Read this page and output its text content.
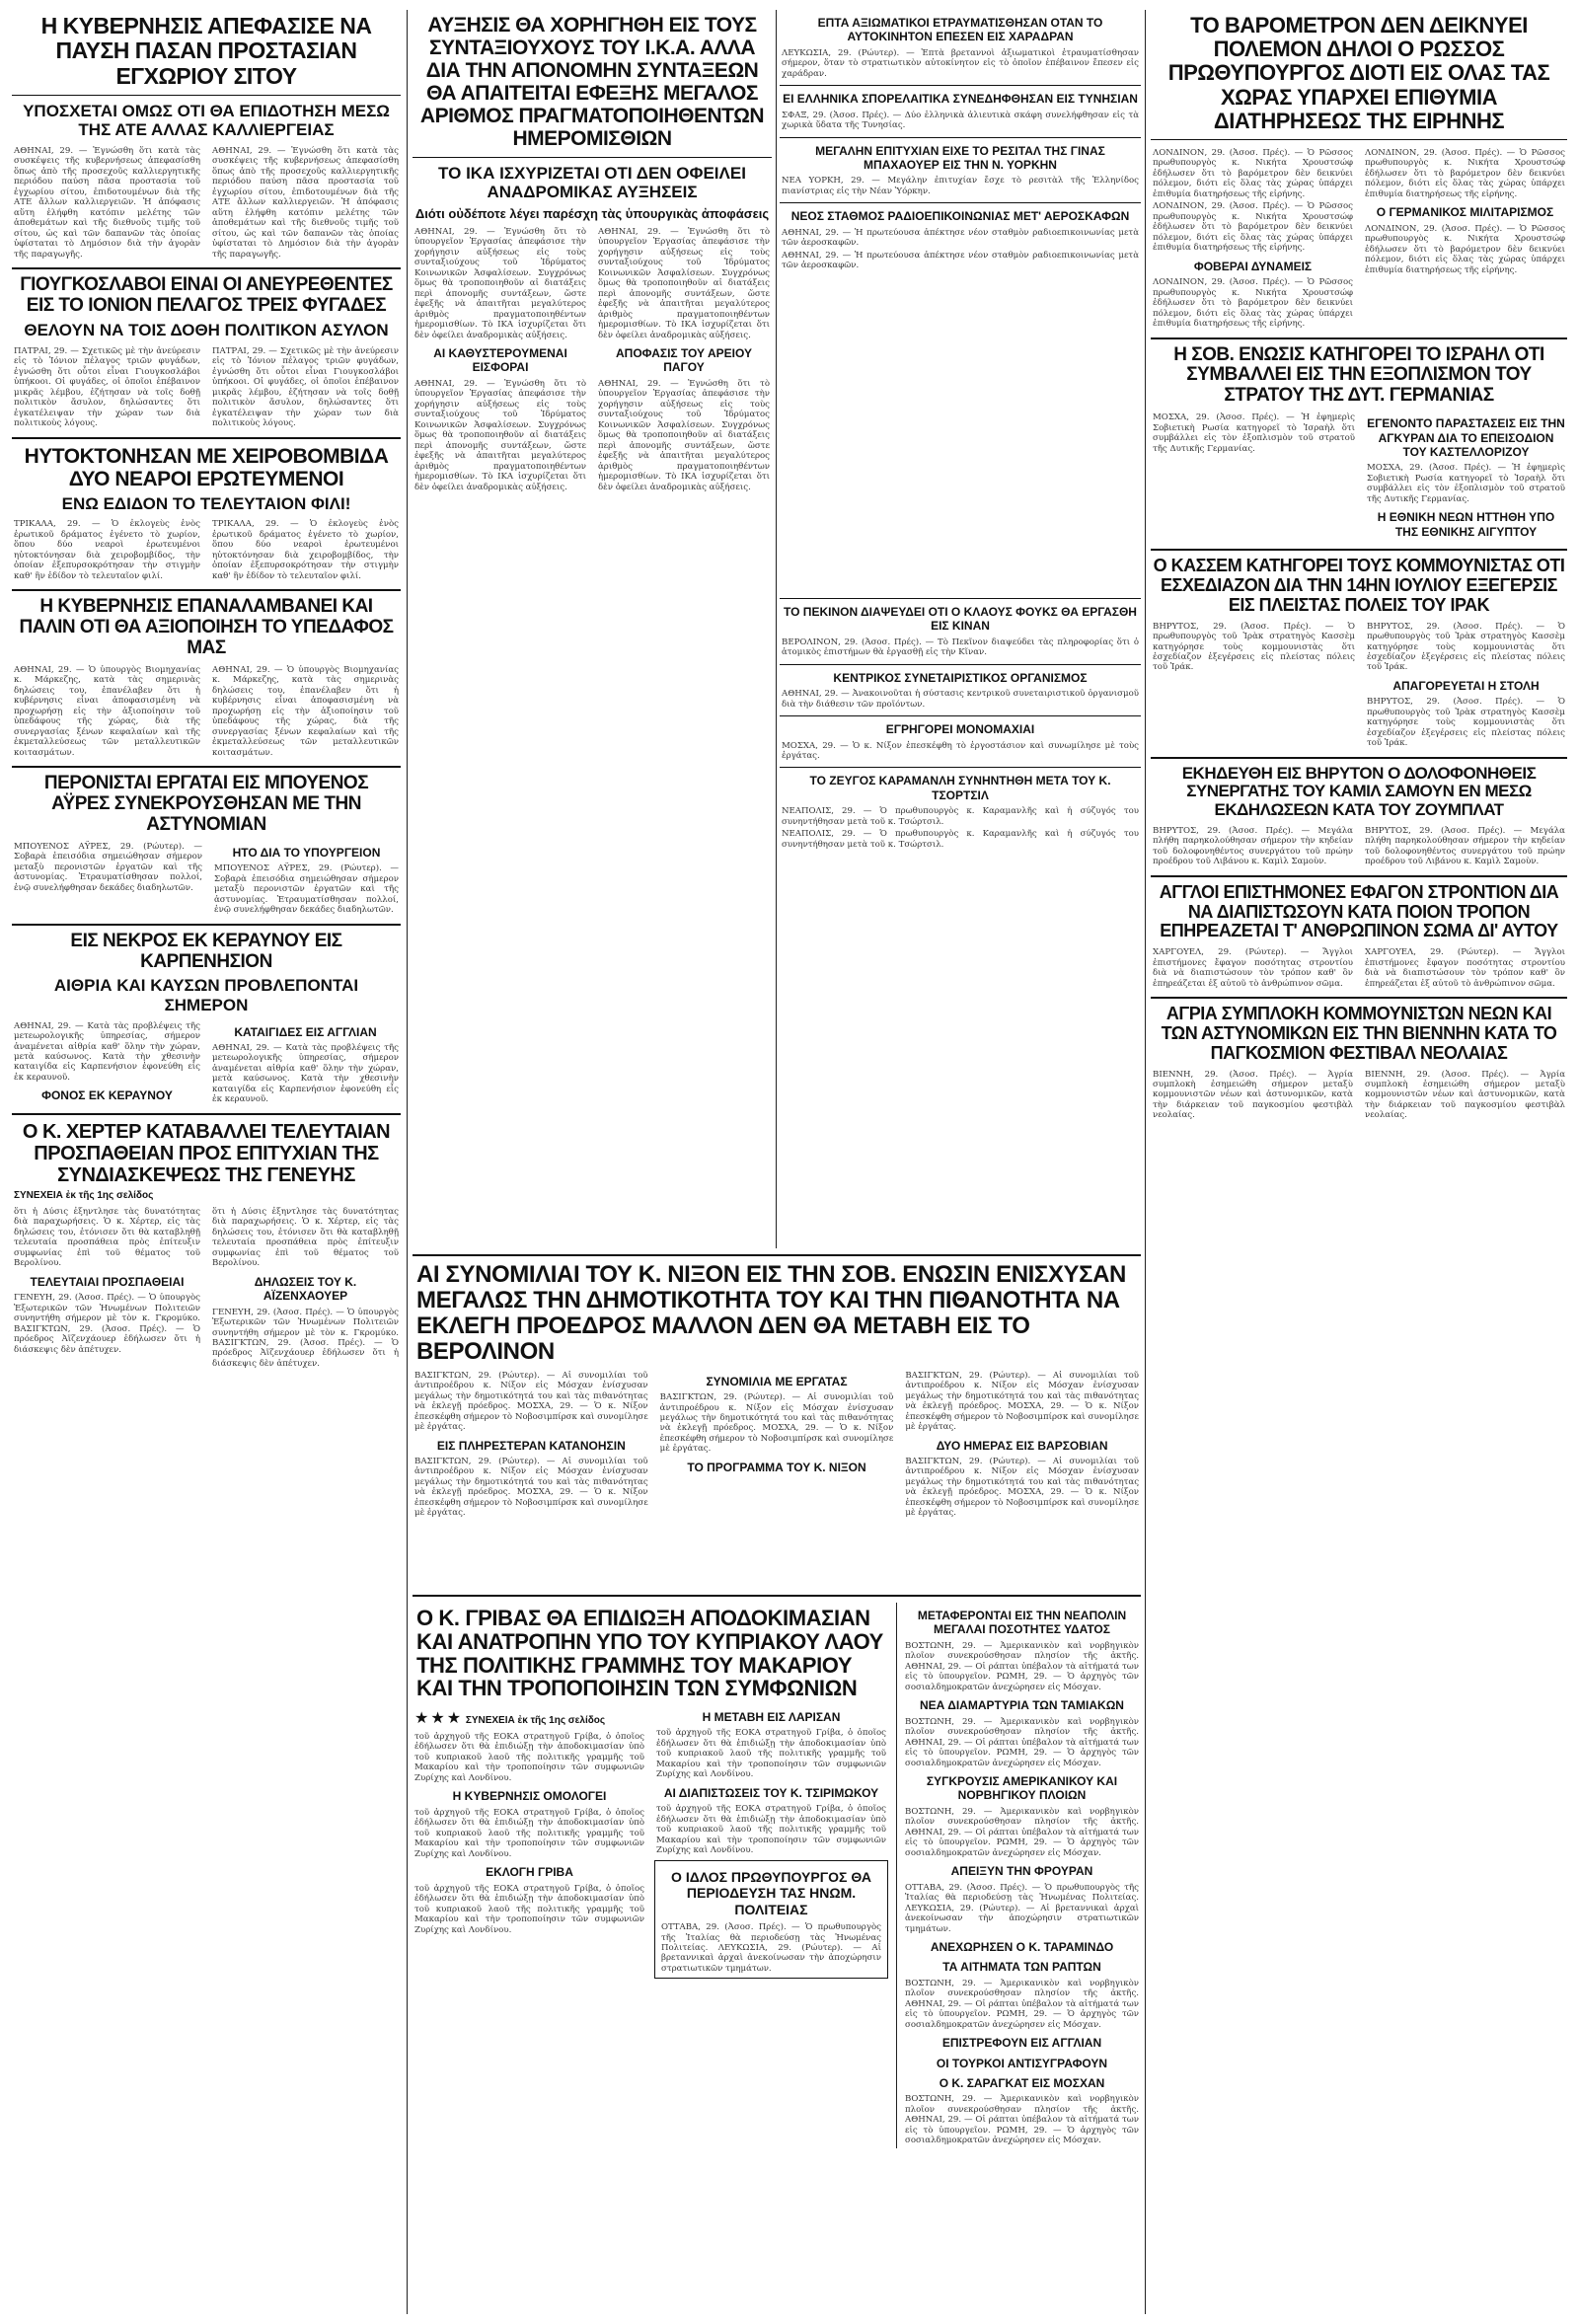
Η ΚΥΒΕΡΝΗΣΙΣ ΑΠΕΦΑΣΙΣΕ ΝΑ ΠΑΥΣΗ ΠΑΣΑΝ ΠΡΟΣΤΑΣΙΑΝ ΕΓΧΩΡΙΟΥ ΣΙΤΟΥ
ΥΠΟΣΧΕΤΑΙ ΟΜΩΣ ΟΤΙ ΘΑ ΕΠΙΔΟΤΗΣΗ ΜΕΣΩ ΤΗΣ ΑΤΕ ΑΛΛΑΣ ΚΑΛΛΙΕΡΓΕΙΑΣ
ΑΘΗΝΑΙ, 29. — Ἐγνώσθη ὅτι κατὰ τὰς συσκέψεις τῆς κυβερνήσεως ἀπεφασίσθη ὅπως ἀπὸ τῆς προσεχοῦς καλλιεργητικῆς περιόδου παύση πᾶσα προστασία τοῦ ἐγχωρίου σίτου, ἐπιδοτουμένων διὰ τῆς ΑΤΕ ἄλλων καλλιεργειῶν. Ἡ ἀπόφασις αὕτη ἐλήφθη κατόπιν μελέτης τῶν ἀποθεμάτων καὶ τῆς διεθνοῦς τιμῆς τοῦ σίτου, ὡς καὶ τῶν δαπανῶν τὰς ὁποίας ὑφίσταται τὸ Δημόσιον διὰ τὴν ἀγορὰν τῆς παραγωγῆς.
ΑΘΗΝΑΙ, 29. — Ἐγνώσθη ὅτι κατὰ τὰς συσκέψεις τῆς κυβερνήσεως ἀπεφασίσθη ὅπως ἀπὸ τῆς προσεχοῦς καλλιεργητικῆς περιόδου παύση πᾶσα προστασία τοῦ ἐγχωρίου σίτου, ἐπιδοτουμένων διὰ τῆς ΑΤΕ ἄλλων καλλιεργειῶν. Ἡ ἀπόφασις αὕτη ἐλήφθη κατόπιν μελέτης τῶν ἀποθεμάτων καὶ τῆς διεθνοῦς τιμῆς τοῦ σίτου, ὡς καὶ τῶν δαπανῶν τὰς ὁποίας ὑφίσταται τὸ Δημόσιον διὰ τὴν ἀγορὰν τῆς παραγωγῆς.
ΓΙΟΥΓΚΟΣΛΑΒΟΙ ΕΙΝΑΙ ΟΙ ΑΝΕΥΡΕΘΕΝΤΕΣ ΕΙΣ ΤΟ ΙΟΝΙΟΝ ΠΕΛΑΓΟΣ ΤΡΕΙΣ ΦΥΓΑΔΕΣ
ΘΕΛΟΥΝ ΝΑ ΤΟΙΣ ΔΟΘΗ ΠΟΛΙΤΙΚΟΝ ΑΣΥΛΟΝ
ΠΑΤΡΑΙ, 29. — Σχετικῶς μὲ τὴν ἀνεύρεσιν εἰς τὸ Ἰόνιον πέλαγος τριῶν φυγάδων, ἐγνώσθη ὅτι οὗτοι εἶναι Γιουγκοσλάβοι ὑπήκοοι. Οἱ φυγάδες, οἱ ὁποῖοι ἐπέβαινον μικρᾶς λέμβου, ἐζήτησαν νὰ τοῖς δοθῇ πολιτικὸν ἄσυλον, δηλώσαντες ὅτι ἐγκατέλειψαν τὴν χώραν των διὰ πολιτικοὺς λόγους.
ΠΑΤΡΑΙ, 29. — Σχετικῶς μὲ τὴν ἀνεύρεσιν εἰς τὸ Ἰόνιον πέλαγος τριῶν φυγάδων, ἐγνώσθη ὅτι οὗτοι εἶναι Γιουγκοσλάβοι ὑπήκοοι. Οἱ φυγάδες, οἱ ὁποῖοι ἐπέβαινον μικρᾶς λέμβου, ἐζήτησαν νὰ τοῖς δοθῇ πολιτικὸν ἄσυλον, δηλώσαντες ὅτι ἐγκατέλειψαν τὴν χώραν των διὰ πολιτικοὺς λόγους.
ΗΥΤΟΚΤΟΝΗΣΑΝ ΜΕ ΧΕΙΡΟΒΟΜΒΙΔΑ ΔΥΟ ΝΕΑΡΟΙ ΕΡΩΤΕΥΜΕΝΟΙ
ΕΝΩ ΕΔΙΔΟΝ ΤΟ ΤΕΛΕΥΤΑΙΟΝ ΦΙΛΙ!
ΤΡΙΚΑΛΑ, 29. — Ὁ ἐκλογεὺς ἑνὸς ἐρωτικοῦ δράματος ἐγένετο τὸ χωρίον, ὅπου δύο νεαροὶ ἐρωτευμένοι ηὐτοκτόνησαν διὰ χειροβομβίδος, τὴν ὁποίαν ἐξεπυρσοκρότησαν τὴν στιγμὴν καθ' ἣν ἐδίδον τὸ τελευταῖον φιλί.
ΤΡΙΚΑΛΑ, 29. — Ὁ ἐκλογεὺς ἑνὸς ἐρωτικοῦ δράματος ἐγένετο τὸ χωρίον, ὅπου δύο νεαροὶ ἐρωτευμένοι ηὐτοκτόνησαν διὰ χειροβομβίδος, τὴν ὁποίαν ἐξεπυρσοκρότησαν τὴν στιγμὴν καθ' ἣν ἐδίδον τὸ τελευταῖον φιλί.
Η ΚΥΒΕΡΝΗΣΙΣ ΕΠΑΝΑΛΑΜΒΑΝΕΙ ΚΑΙ ΠΑΛΙΝ ΟΤΙ ΘΑ ΑΞΙΟΠΟΙΗΣΗ ΤΟ ΥΠΕΔΑΦΟΣ ΜΑΣ
ΑΘΗΝΑΙ, 29. — Ὁ ὑπουργὸς Βιομηχανίας κ. Μάρκεζης, κατὰ τὰς σημερινὰς δηλώσεις του, ἐπανέλαβεν ὅτι ἡ κυβέρνησις εἶναι ἀποφασισμένη νὰ προχωρήσῃ εἰς τὴν ἀξιοποίησιν τοῦ ὑπεδάφους τῆς χώρας, διὰ τῆς συνεργασίας ξένων κεφαλαίων καὶ τῆς ἐκμεταλλεύσεως τῶν μεταλλευτικῶν κοιτασμάτων.
ΑΘΗΝΑΙ, 29. — Ὁ ὑπουργὸς Βιομηχανίας κ. Μάρκεζης, κατὰ τὰς σημερινὰς δηλώσεις του, ἐπανέλαβεν ὅτι ἡ κυβέρνησις εἶναι ἀποφασισμένη νὰ προχωρήσῃ εἰς τὴν ἀξιοποίησιν τοῦ ὑπεδάφους τῆς χώρας, διὰ τῆς συνεργασίας ξένων κεφαλαίων καὶ τῆς ἐκμεταλλεύσεως τῶν μεταλλευτικῶν κοιτασμάτων.
ΠΕΡΟΝΙΣΤΑΙ ΕΡΓΑΤΑΙ ΕΙΣ ΜΠΟΥΕΝΟΣ ΑΫΡΕΣ ΣΥΝΕΚΡΟΥΣΘΗΣΑΝ ΜΕ ΤΗΝ ΑΣΤΥΝΟΜΙΑΝ
ΜΠΟΥΕΝΟΣ ΑΫΡΕΣ, 29. (Ρώυτερ). — Σοβαρὰ ἐπεισόδια σημειώθησαν σήμερον μεταξὺ περονιστῶν ἐργατῶν καὶ τῆς ἀστυνομίας. Ἐτραυματίσθησαν πολλοί, ἐνῷ συνελήφθησαν δεκάδες διαδηλωτῶν.
ΗΤΟ ΔΙΑ ΤΟ ΥΠΟΥΡΓΕΙΟΝ
ΜΠΟΥΕΝΟΣ ΑΫΡΕΣ, 29. (Ρώυτερ). — Σοβαρὰ ἐπεισόδια σημειώθησαν σήμερον μεταξὺ περονιστῶν ἐργατῶν καὶ τῆς ἀστυνομίας. Ἐτραυματίσθησαν πολλοί, ἐνῷ συνελήφθησαν δεκάδες διαδηλωτῶν.
ΕΙΣ ΝΕΚΡΟΣ ΕΚ ΚΕΡΑΥΝΟΥ ΕΙΣ ΚΑΡΠΕΝΗΣΙΟΝ
ΑΙΘΡΙΑ ΚΑΙ ΚΑΥΣΩΝ ΠΡΟΒΛΕΠΟΝΤΑΙ ΣΗΜΕΡΟΝ
ΑΘΗΝΑΙ, 29. — Κατὰ τὰς προβλέψεις τῆς μετεωρολογικῆς ὑπηρεσίας, σήμερον ἀναμένεται αἰθρία καθ' ὅλην τὴν χώραν, μετὰ καύσωνος. Κατὰ τὴν χθεσινὴν καταιγίδα εἰς Καρπενήσιον ἐφονεύθη εἷς ἐκ κεραυνοῦ.
ΦΟΝΟΣ ΕΚ ΚΕΡΑΥΝΟΥ
ΚΑΤΑΙΓΙΔΕΣ ΕΙΣ ΑΓΓΛΙΑΝ
ΑΘΗΝΑΙ, 29. — Κατὰ τὰς προβλέψεις τῆς μετεωρολογικῆς ὑπηρεσίας, σήμερον ἀναμένεται αἰθρία καθ' ὅλην τὴν χώραν, μετὰ καύσωνος. Κατὰ τὴν χθεσινὴν καταιγίδα εἰς Καρπενήσιον ἐφονεύθη εἷς ἐκ κεραυνοῦ.
Ο Κ. ΧΕΡΤΕΡ ΚΑΤΑΒΑΛΛΕΙ ΤΕΛΕΥΤΑΙΑΝ ΠΡΟΣΠΑΘΕΙΑΝ ΠΡΟΣ ΕΠΙΤΥΧΙΑΝ ΤΗΣ ΣΥΝΔΙΑΣΚΕΨΕΩΣ ΤΗΣ ΓΕΝΕΥΗΣ
ΣΥΝΕΧΕΙΑ ἐκ τῆς 1ης σελίδος
ὅτι ἡ Δύσις ἐξηντλησε τὰς δυνατότητας διὰ παραχωρήσεις. Ὁ κ. Χέρτερ, εἰς τὰς δηλώσεις του, ἐτόνισεν ὅτι θὰ καταβληθῇ τελευταία προσπάθεια πρὸς ἐπίτευξιν συμφωνίας ἐπὶ τοῦ θέματος τοῦ Βερολίνου.
ΤΕΛΕΥΤΑΙΑΙ ΠΡΟΣΠΑΘΕΙΑΙ
ΓΕΝΕΥΗ, 29. (Ἀσοσ. Πρές). — Ὁ ὑπουργὸς Ἐξωτερικῶν τῶν Ἡνωμένων Πολιτειῶν συνηντήθη σήμερον μὲ τὸν κ. Γκρομύκο. ΒΑΣΙΓΚΤΩΝ, 29. (Ἀσοσ. Πρές). — Ὁ πρόεδρος Ἀϊζενχάουερ ἐδήλωσεν ὅτι ἡ διάσκεψις δὲν ἀπέτυχεν.
ὅτι ἡ Δύσις ἐξηντλησε τὰς δυνατότητας διὰ παραχωρήσεις. Ὁ κ. Χέρτερ, εἰς τὰς δηλώσεις του, ἐτόνισεν ὅτι θὰ καταβληθῇ τελευταία προσπάθεια πρὸς ἐπίτευξιν συμφωνίας ἐπὶ τοῦ θέματος τοῦ Βερολίνου.
ΔΗΛΩΣΕΙΣ ΤΟΥ Κ. ΑΪΖΕΝΧΑΟΥΕΡ
ΓΕΝΕΥΗ, 29. (Ἀσοσ. Πρές). — Ὁ ὑπουργὸς Ἐξωτερικῶν τῶν Ἡνωμένων Πολιτειῶν συνηντήθη σήμερον μὲ τὸν κ. Γκρομύκο. ΒΑΣΙΓΚΤΩΝ, 29. (Ἀσοσ. Πρές). — Ὁ πρόεδρος Ἀϊζενχάουερ ἐδήλωσεν ὅτι ἡ διάσκεψις δὲν ἀπέτυχεν.
ΑΥΞΗΣΙΣ ΘΑ ΧΟΡΗΓΗΘΗ ΕΙΣ ΤΟΥΣ ΣΥΝΤΑΞΙΟΥΧΟΥΣ ΤΟΥ Ι.Κ.Α. ΑΛΛΑ ΔΙΑ ΤΗΝ ΑΠΟΝΟΜΗΝ ΣΥΝΤΑΞΕΩΝ ΘΑ ΑΠΑΙΤΕΙΤΑΙ ΕΦΕΞΗΣ ΜΕΓΑΛΟΣ ΑΡΙΘΜΟΣ ΠΡΑΓΜΑΤΟΠΟΙΗΘΕΝΤΩΝ ΗΜΕΡΟΜΙΣΘΙΩΝ
ΤΟ ΙΚΑ ΙΣΧΥΡΙΖΕΤΑΙ ΟΤΙ ΔΕΝ ΟΦΕΙΛΕΙ ΑΝΑΔΡΟΜΙΚΑΣ ΑΥΞΗΣΕΙΣ
Διότι οὐδέποτε λέγει παρέσχη τὰς ὑπουργικὰς ἀποφάσεις
ΑΘΗΝΑΙ, 29. — Ἐγνώσθη ὅτι τὸ ὑπουργεῖον Ἐργασίας ἀπεφάσισε τὴν χορήγησιν αὐξήσεως εἰς τοὺς συνταξιούχους τοῦ Ἱδρύματος Κοινωνικῶν Ἀσφαλίσεων. Συγχρόνως ὅμως θὰ τροποποιηθοῦν αἱ διατάξεις περὶ ἀπονομῆς συντάξεων, ὥστε ἐφεξῆς νὰ ἀπαιτῆται μεγαλύτερος ἀριθμὸς πραγματοποιηθέντων ἡμερομισθίων. Τὸ ΙΚΑ ἰσχυρίζεται ὅτι δὲν ὀφείλει ἀναδρομικὰς αὐξήσεις.
ΑΙ ΚΑΘΥΣΤΕΡΟΥΜΕΝΑΙ ΕΙΣΦΟΡΑΙ
ΑΘΗΝΑΙ, 29. — Ἐγνώσθη ὅτι τὸ ὑπουργεῖον Ἐργασίας ἀπεφάσισε τὴν χορήγησιν αὐξήσεως εἰς τοὺς συνταξιούχους τοῦ Ἱδρύματος Κοινωνικῶν Ἀσφαλίσεων. Συγχρόνως ὅμως θὰ τροποποιηθοῦν αἱ διατάξεις περὶ ἀπονομῆς συντάξεων, ὥστε ἐφεξῆς νὰ ἀπαιτῆται μεγαλύτερος ἀριθμὸς πραγματοποιηθέντων ἡμερομισθίων. Τὸ ΙΚΑ ἰσχυρίζεται ὅτι δὲν ὀφείλει ἀναδρομικὰς αὐξήσεις.
ΑΘΗΝΑΙ, 29. — Ἐγνώσθη ὅτι τὸ ὑπουργεῖον Ἐργασίας ἀπεφάσισε τὴν χορήγησιν αὐξήσεως εἰς τοὺς συνταξιούχους τοῦ Ἱδρύματος Κοινωνικῶν Ἀσφαλίσεων. Συγχρόνως ὅμως θὰ τροποποιηθοῦν αἱ διατάξεις περὶ ἀπονομῆς συντάξεων, ὥστε ἐφεξῆς νὰ ἀπαιτῆται μεγαλύτερος ἀριθμὸς πραγματοποιηθέντων ἡμερομισθίων. Τὸ ΙΚΑ ἰσχυρίζεται ὅτι δὲν ὀφείλει ἀναδρομικὰς αὐξήσεις.
ΑΠΟΦΑΣΙΣ ΤΟΥ ΑΡΕΙΟΥ ΠΑΓΟΥ
ΑΘΗΝΑΙ, 29. — Ἐγνώσθη ὅτι τὸ ὑπουργεῖον Ἐργασίας ἀπεφάσισε τὴν χορήγησιν αὐξήσεως εἰς τοὺς συνταξιούχους τοῦ Ἱδρύματος Κοινωνικῶν Ἀσφαλίσεων. Συγχρόνως ὅμως θὰ τροποποιηθοῦν αἱ διατάξεις περὶ ἀπονομῆς συντάξεων, ὥστε ἐφεξῆς νὰ ἀπαιτῆται μεγαλύτερος ἀριθμὸς πραγματοποιηθέντων ἡμερομισθίων. Τὸ ΙΚΑ ἰσχυρίζεται ὅτι δὲν ὀφείλει ἀναδρομικὰς αὐξήσεις.
ΕΠΤΑ ΑΞΙΩΜΑΤΙΚΟΙ ΕΤΡΑΥΜΑΤΙΣΘΗΣΑΝ ΟΤΑΝ ΤΟ ΑΥΤΟΚΙΝΗΤΟΝ ΕΠΕΣΕΝ ΕΙΣ ΧΑΡΑΔΡΑΝ
ΛΕΥΚΩΣΙΑ, 29. (Ρώυτερ). — Ἑπτὰ βρεταννοὶ ἀξιωματικοὶ ἐτραυματίσθησαν σήμερον, ὅταν τὸ στρατιωτικὸν αὐτοκίνητον εἰς τὸ ὁποῖον ἐπέβαινον ἔπεσεν εἰς χαράδραν.
ΕΙ ΕΛΛΗΝΙΚΑ ΣΠΟΡΕΛΑΙΤΙΚΑ ΣΥΝΕΔΗΦΘΗΣΑΝ ΕΙΣ ΤΥΝΗΣΙΑΝ
ΣΦΑΞ, 29. (Ἀσοσ. Πρές). — Δύο ἑλληνικὰ ἁλιευτικὰ σκάφη συνελήφθησαν εἰς τὰ χωρικὰ ὕδατα τῆς Τυνησίας.
ΜΕΓΑΛΗΝ ΕΠΙΤΥΧΙΑΝ ΕΙΧΕ ΤΟ ΡΕΣΙΤΑΛ ΤΗΣ ΓΙΝΑΣ ΜΠΑΧΑΟΥΕΡ ΕΙΣ ΤΗΝ Ν. ΥΟΡΚΗΝ
ΝΕΑ ΥΟΡΚΗ, 29. — Μεγάλην ἐπιτυχίαν ἔσχε τὸ ρεσιτὰλ τῆς Ἑλληνίδος πιανίστριας εἰς τὴν Νέαν Ὑόρκην.
ΝΕΟΣ ΣΤΑΘΜΟΣ ΡΑΔΙΟΕΠΙΚΟΙΝΩΝΙΑΣ ΜΕΤ' ΑΕΡΟΣΚΑΦΩΝ
ΑΘΗΝΑΙ, 29. — Ἡ πρωτεύουσα ἀπέκτησε νέον σταθμὸν ραδιοεπικοινωνίας μετὰ τῶν ἀεροσκαφῶν.
ΑΘΗΝΑΙ, 29. — Ἡ πρωτεύουσα ἀπέκτησε νέον σταθμὸν ραδιοεπικοινωνίας μετὰ τῶν ἀεροσκαφῶν.
ΑΙ ΣΥΝΟΜΙΛΙΑΙ ΤΟΥ Κ. ΝΙΞΟΝ ΕΙΣ ΤΗΝ ΣΟΒ. ΕΝΩΣΙΝ ΕΝΙΣΧΥΣΑΝ ΜΕΓΑΛΩΣ ΤΗΝ ΔΗΜΟΤΙΚΟΤΗΤΑ ΤΟΥ ΚΑΙ ΤΗΝ ΠΙΘΑΝΟΤΗΤΑ ΝΑ ΕΚΛΕΓΗ ΠΡΟΕΔΡΟΣ ΜΑΛΛΟΝ ΔΕΝ ΘΑ ΜΕΤΑΒΗ ΕΙΣ ΤΟ ΒΕΡΟΛΙΝΟΝ
ΒΑΣΙΓΚΤΩΝ, 29. (Ρώυτερ). — Αἱ συνομιλίαι τοῦ ἀντιπροέδρου κ. Νίξον εἰς Μόσχαν ἐνίσχυσαν μεγάλως τὴν δημοτικότητά του καὶ τὰς πιθανότητας νὰ ἐκλεγῇ πρόεδρος. ΜΟΣΧΑ, 29. — Ὁ κ. Νίξον ἐπεσκέφθη σήμερον τὸ Νοβοσιμπίρσκ καὶ συνομίλησε μὲ ἐργάτας.
ΕΙΣ ΠΛΗΡΕΣΤΕΡΑΝ ΚΑΤΑΝΟΗΣΙΝ
ΒΑΣΙΓΚΤΩΝ, 29. (Ρώυτερ). — Αἱ συνομιλίαι τοῦ ἀντιπροέδρου κ. Νίξον εἰς Μόσχαν ἐνίσχυσαν μεγάλως τὴν δημοτικότητά του καὶ τὰς πιθανότητας νὰ ἐκλεγῇ πρόεδρος. ΜΟΣΧΑ, 29. — Ὁ κ. Νίξον ἐπεσκέφθη σήμερον τὸ Νοβοσιμπίρσκ καὶ συνομίλησε μὲ ἐργάτας.
ΣΥΝΟΜΙΛΙΑ ΜΕ ΕΡΓΑΤΑΣ
ΒΑΣΙΓΚΤΩΝ, 29. (Ρώυτερ). — Αἱ συνομιλίαι τοῦ ἀντιπροέδρου κ. Νίξον εἰς Μόσχαν ἐνίσχυσαν μεγάλως τὴν δημοτικότητά του καὶ τὰς πιθανότητας νὰ ἐκλεγῇ πρόεδρος. ΜΟΣΧΑ, 29. — Ὁ κ. Νίξον ἐπεσκέφθη σήμερον τὸ Νοβοσιμπίρσκ καὶ συνομίλησε μὲ ἐργάτας.
ΤΟ ΠΡΟΓΡΑΜΜΑ ΤΟΥ Κ. ΝΙΞΟΝ
ΒΑΣΙΓΚΤΩΝ, 29. (Ρώυτερ). — Αἱ συνομιλίαι τοῦ ἀντιπροέδρου κ. Νίξον εἰς Μόσχαν ἐνίσχυσαν μεγάλως τὴν δημοτικότητά του καὶ τὰς πιθανότητας νὰ ἐκλεγῇ πρόεδρος. ΜΟΣΧΑ, 29. — Ὁ κ. Νίξον ἐπεσκέφθη σήμερον τὸ Νοβοσιμπίρσκ καὶ συνομίλησε μὲ ἐργάτας.
ΔΥΟ ΗΜΕΡΑΣ ΕΙΣ ΒΑΡΣΟΒΙΑΝ
ΒΑΣΙΓΚΤΩΝ, 29. (Ρώυτερ). — Αἱ συνομιλίαι τοῦ ἀντιπροέδρου κ. Νίξον εἰς Μόσχαν ἐνίσχυσαν μεγάλως τὴν δημοτικότητά του καὶ τὰς πιθανότητας νὰ ἐκλεγῇ πρόεδρος. ΜΟΣΧΑ, 29. — Ὁ κ. Νίξον ἐπεσκέφθη σήμερον τὸ Νοβοσιμπίρσκ καὶ συνομίλησε μὲ ἐργάτας.
Ο Κ. ΓΡΙΒΑΣ ΘΑ ΕΠΙΔΙΩΞΗ ΑΠΟΔΟΚΙΜΑΣΙΑΝ ΚΑΙ ΑΝΑΤΡΟΠΗΝ ΥΠΟ ΤΟΥ ΚΥΠΡΙΑΚΟΥ ΛΑΟΥ ΤΗΣ ΠΟΛΙΤΙΚΗΣ ΓΡΑΜΜΗΣ ΤΟΥ ΜΑΚΑΡΙΟΥ ΚΑΙ ΤΗΝ ΤΡΟΠΟΠΟΙΗΣΙΝ ΤΩΝ ΣΥΜΦΩΝΙΩΝ
★★★ ΣΥΝΕΧΕΙΑ ἐκ τῆς 1ης σελίδος
τοῦ ἀρχηγοῦ τῆς ΕΟΚΑ στρατηγοῦ Γρίβα, ὁ ὁποῖος ἐδήλωσεν ὅτι θὰ ἐπιδιώξῃ τὴν ἀποδοκιμασίαν ὑπὸ τοῦ κυπριακοῦ λαοῦ τῆς πολιτικῆς γραμμῆς τοῦ Μακαρίου καὶ τὴν τροποποίησιν τῶν συμφωνιῶν Ζυρίχης καὶ Λονδίνου.
Η ΚΥΒΕΡΝΗΣΙΣ ΟΜΟΛΟΓΕΙ
τοῦ ἀρχηγοῦ τῆς ΕΟΚΑ στρατηγοῦ Γρίβα, ὁ ὁποῖος ἐδήλωσεν ὅτι θὰ ἐπιδιώξῃ τὴν ἀποδοκιμασίαν ὑπὸ τοῦ κυπριακοῦ λαοῦ τῆς πολιτικῆς γραμμῆς τοῦ Μακαρίου καὶ τὴν τροποποίησιν τῶν συμφωνιῶν Ζυρίχης καὶ Λονδίνου.
ΕΚΛΟΓΗ ΓΡΙΒΑ
τοῦ ἀρχηγοῦ τῆς ΕΟΚΑ στρατηγοῦ Γρίβα, ὁ ὁποῖος ἐδήλωσεν ὅτι θὰ ἐπιδιώξῃ τὴν ἀποδοκιμασίαν ὑπὸ τοῦ κυπριακοῦ λαοῦ τῆς πολιτικῆς γραμμῆς τοῦ Μακαρίου καὶ τὴν τροποποίησιν τῶν συμφωνιῶν Ζυρίχης καὶ Λονδίνου.
Η ΜΕΤΑΒΗ ΕΙΣ ΛΑΡΙΣΑΝ
τοῦ ἀρχηγοῦ τῆς ΕΟΚΑ στρατηγοῦ Γρίβα, ὁ ὁποῖος ἐδήλωσεν ὅτι θὰ ἐπιδιώξῃ τὴν ἀποδοκιμασίαν ὑπὸ τοῦ κυπριακοῦ λαοῦ τῆς πολιτικῆς γραμμῆς τοῦ Μακαρίου καὶ τὴν τροποποίησιν τῶν συμφωνιῶν Ζυρίχης καὶ Λονδίνου.
ΑΙ ΔΙΑΠΙΣΤΩΣΕΙΣ ΤΟΥ Κ. ΤΣΙΡΙΜΩΚΟΥ
τοῦ ἀρχηγοῦ τῆς ΕΟΚΑ στρατηγοῦ Γρίβα, ὁ ὁποῖος ἐδήλωσεν ὅτι θὰ ἐπιδιώξῃ τὴν ἀποδοκιμασίαν ὑπὸ τοῦ κυπριακοῦ λαοῦ τῆς πολιτικῆς γραμμῆς τοῦ Μακαρίου καὶ τὴν τροποποίησιν τῶν συμφωνιῶν Ζυρίχης καὶ Λονδίνου.
Ο ΙΔΛΟΣ ΠΡΩΘΥΠΟΥΡΓΟΣ ΘΑ ΠΕΡΙΟΔΕΥΣΗ ΤΑΣ ΗΝΩΜ. ΠΟΛΙΤΕΙΑΣ
ΟΤΤΑΒΑ, 29. (Ἀσοσ. Πρές). — Ὁ πρωθυπουργὸς τῆς Ἰταλίας θὰ περιοδεύσῃ τὰς Ἡνωμένας Πολιτείας. ΛΕΥΚΩΣΙΑ, 29. (Ρώυτερ). — Αἱ βρεταννικαὶ ἀρχαὶ ἀνεκοίνωσαν τὴν ἀποχώρησιν στρατιωτικῶν τμημάτων.
ΜΕΤΑΦΕΡΟΝΤΑΙ ΕΙΣ ΤΗΝ ΝΕΑΠΟΛΙΝ ΜΕΓΑΛΑΙ ΠΟΣΟΤΗΤΕΣ ΥΔΑΤΟΣ
ΒΟΣΤΩΝΗ, 29. — Ἀμερικανικὸν καὶ νορβηγικὸν πλοῖον συνεκρούσθησαν πλησίον τῆς ἀκτῆς. ΑΘΗΝΑΙ, 29. — Οἱ ράπται ὑπέβαλον τὰ αἰτήματά των εἰς τὸ ὑπουργεῖον. ΡΩΜΗ, 29. — Ὁ ἀρχηγὸς τῶν σοσιαλδημοκρατῶν ἀνεχώρησεν εἰς Μόσχαν.
ΝΕΑ ΔΙΑΜΑΡΤΥΡΙΑ ΤΩΝ ΤΑΜΙΑΚΩΝ
ΒΟΣΤΩΝΗ, 29. — Ἀμερικανικὸν καὶ νορβηγικὸν πλοῖον συνεκρούσθησαν πλησίον τῆς ἀκτῆς. ΑΘΗΝΑΙ, 29. — Οἱ ράπται ὑπέβαλον τὰ αἰτήματά των εἰς τὸ ὑπουργεῖον. ΡΩΜΗ, 29. — Ὁ ἀρχηγὸς τῶν σοσιαλδημοκρατῶν ἀνεχώρησεν εἰς Μόσχαν.
ΣΥΓΚΡΟΥΣΙΣ ΑΜΕΡΙΚΑΝΙΚΟΥ ΚΑΙ ΝΟΡΒΗΓΙΚΟΥ ΠΛΟΙΩΝ
ΒΟΣΤΩΝΗ, 29. — Ἀμερικανικὸν καὶ νορβηγικὸν πλοῖον συνεκρούσθησαν πλησίον τῆς ἀκτῆς. ΑΘΗΝΑΙ, 29. — Οἱ ράπται ὑπέβαλον τὰ αἰτήματά των εἰς τὸ ὑπουργεῖον. ΡΩΜΗ, 29. — Ὁ ἀρχηγὸς τῶν σοσιαλδημοκρατῶν ἀνεχώρησεν εἰς Μόσχαν.
ΑΠΕΙΞΥΝ ΤΗΝ ΦΡΟΥΡΑΝ
ΟΤΤΑΒΑ, 29. (Ἀσοσ. Πρές). — Ὁ πρωθυπουργὸς τῆς Ἰταλίας θὰ περιοδεύσῃ τὰς Ἡνωμένας Πολιτείας. ΛΕΥΚΩΣΙΑ, 29. (Ρώυτερ). — Αἱ βρεταννικαὶ ἀρχαὶ ἀνεκοίνωσαν τὴν ἀποχώρησιν στρατιωτικῶν τμημάτων.
ΑΝΕΧΩΡΗΣΕΝ Ο Κ. ΤΑΡΑΜΙΝΔΟ
ΤΑ ΑΙΤΗΜΑΤΑ ΤΩΝ ΡΑΠΤΩΝ
ΒΟΣΤΩΝΗ, 29. — Ἀμερικανικὸν καὶ νορβηγικὸν πλοῖον συνεκρούσθησαν πλησίον τῆς ἀκτῆς. ΑΘΗΝΑΙ, 29. — Οἱ ράπται ὑπέβαλον τὰ αἰτήματά των εἰς τὸ ὑπουργεῖον. ΡΩΜΗ, 29. — Ὁ ἀρχηγὸς τῶν σοσιαλδημοκρατῶν ἀνεχώρησεν εἰς Μόσχαν.
ΕΠΙΣΤΡΕΦΟΥΝ ΕΙΣ ΑΓΓΛΙΑΝ
ΟΙ ΤΟΥΡΚΟΙ ΑΝΤΙΣΥΓΡΑΦΟΥΝ
Ο Κ. ΣΑΡΑΓΚΑΤ ΕΙΣ ΜΟΣΧΑΝ
ΒΟΣΤΩΝΗ, 29. — Ἀμερικανικὸν καὶ νορβηγικὸν πλοῖον συνεκρούσθησαν πλησίον τῆς ἀκτῆς. ΑΘΗΝΑΙ, 29. — Οἱ ράπται ὑπέβαλον τὰ αἰτήματά των εἰς τὸ ὑπουργεῖον. ΡΩΜΗ, 29. — Ὁ ἀρχηγὸς τῶν σοσιαλδημοκρατῶν ἀνεχώρησεν εἰς Μόσχαν.
ΤΟ ΠΕΚΙΝΟΝ ΔΙΑΨΕΥΔΕΙ ΟΤΙ Ο ΚΛΑΟΥΣ ΦΟΥΚΣ ΘΑ ΕΡΓΑΣΘΗ ΕΙΣ ΚΙΝΑΝ
ΒΕΡΟΛΙΝΟΝ, 29. (Ἀσοσ. Πρές). — Τὸ Πεκῖνον διαψεύδει τὰς πληροφορίας ὅτι ὁ ἀτομικὸς ἐπιστήμων θὰ ἐργασθῇ εἰς τὴν Κῖναν.
ΚΕΝΤΡΙΚΟΣ ΣΥΝΕΤΑΙΡΙΣΤΙΚΟΣ ΟΡΓΑΝΙΣΜΟΣ
ΑΘΗΝΑΙ, 29. — Ἀνακοινοῦται ἡ σύστασις κεντρικοῦ συνεταιριστικοῦ ὀργανισμοῦ διὰ τὴν διάθεσιν τῶν προϊόντων.
ΕΓΡΗΓΟΡΕΙ ΜΟΝΟΜΑΧΙΑΙ
ΜΟΣΧΑ, 29. — Ὁ κ. Νίξον ἐπεσκέφθη τὸ ἐργοστάσιον καὶ συνωμίλησε μὲ τοὺς ἐργάτας.
ΤΟ ΖΕΥΓΟΣ ΚΑΡΑΜΑΝΛΗ ΣΥΝΗΝΤΗΘΗ ΜΕΤΑ ΤΟΥ Κ. ΤΣΟΡΤΣΙΛ
ΝΕΑΠΟΛΙΣ, 29. — Ὁ πρωθυπουργὸς κ. Καραμανλῆς καὶ ἡ σύζυγός του συνηντήθησαν μετὰ τοῦ κ. Τσώρτσιλ.
ΝΕΑΠΟΛΙΣ, 29. — Ὁ πρωθυπουργὸς κ. Καραμανλῆς καὶ ἡ σύζυγός του συνηντήθησαν μετὰ τοῦ κ. Τσώρτσιλ.
ΤΟ ΒΑΡΟΜΕΤΡΟΝ ΔΕΝ ΔΕΙΚΝΥΕΙ ΠΟΛΕΜΟΝ ΔΗΛΟΙ Ο ΡΩΣΣΟΣ ΠΡΩΘΥΠΟΥΡΓΟΣ ΔΙΟΤΙ ΕΙΣ ΟΛΑΣ ΤΑΣ ΧΩΡΑΣ ΥΠΑΡΧΕΙ ΕΠΙΘΥΜΙΑ ΔΙΑΤΗΡΗΣΕΩΣ ΤΗΣ ΕΙΡΗΝΗΣ
ΛΟΝΔΙΝΟΝ, 29. (Ἀσοσ. Πρές). — Ὁ Ρῶσσος πρωθυπουργὸς κ. Νικήτα Χρουστσώφ ἐδήλωσεν ὅτι τὸ βαρόμετρον δὲν δεικνύει πόλεμον, διότι εἰς ὅλας τὰς χώρας ὑπάρχει ἐπιθυμία διατηρήσεως τῆς εἰρήνης.
ΛΟΝΔΙΝΟΝ, 29. (Ἀσοσ. Πρές). — Ὁ Ρῶσσος πρωθυπουργὸς κ. Νικήτα Χρουστσώφ ἐδήλωσεν ὅτι τὸ βαρόμετρον δὲν δεικνύει πόλεμον, διότι εἰς ὅλας τὰς χώρας ὑπάρχει ἐπιθυμία διατηρήσεως τῆς εἰρήνης.
ΦΟΒΕΡΑΙ ΔΥΝΑΜΕΙΣ
ΛΟΝΔΙΝΟΝ, 29. (Ἀσοσ. Πρές). — Ὁ Ρῶσσος πρωθυπουργὸς κ. Νικήτα Χρουστσώφ ἐδήλωσεν ὅτι τὸ βαρόμετρον δὲν δεικνύει πόλεμον, διότι εἰς ὅλας τὰς χώρας ὑπάρχει ἐπιθυμία διατηρήσεως τῆς εἰρήνης.
ΛΟΝΔΙΝΟΝ, 29. (Ἀσοσ. Πρές). — Ὁ Ρῶσσος πρωθυπουργὸς κ. Νικήτα Χρουστσώφ ἐδήλωσεν ὅτι τὸ βαρόμετρον δὲν δεικνύει πόλεμον, διότι εἰς ὅλας τὰς χώρας ὑπάρχει ἐπιθυμία διατηρήσεως τῆς εἰρήνης.
Ο ΓΕΡΜΑΝΙΚΟΣ ΜΙΛΙΤΑΡΙΣΜΟΣ
ΛΟΝΔΙΝΟΝ, 29. (Ἀσοσ. Πρές). — Ὁ Ρῶσσος πρωθυπουργὸς κ. Νικήτα Χρουστσώφ ἐδήλωσεν ὅτι τὸ βαρόμετρον δὲν δεικνύει πόλεμον, διότι εἰς ὅλας τὰς χώρας ὑπάρχει ἐπιθυμία διατηρήσεως τῆς εἰρήνης.
Η ΣΟΒ. ΕΝΩΣΙΣ ΚΑΤΗΓΟΡΕΙ ΤΟ ΙΣΡΑΗΛ ΟΤΙ ΣΥΜΒΑΛΛΕΙ ΕΙΣ ΤΗΝ ΕΞΟΠΛΙΣΜΟΝ ΤΟΥ ΣΤΡΑΤΟΥ ΤΗΣ ΔΥΤ. ΓΕΡΜΑΝΙΑΣ
ΜΟΣΧΑ, 29. (Ἀσοσ. Πρές). — Ἡ ἐφημερὶς Σοβιετικὴ Ρωσία κατηγορεῖ τὸ Ἰσραὴλ ὅτι συμβάλλει εἰς τὸν ἐξοπλισμὸν τοῦ στρατοῦ τῆς Δυτικῆς Γερμανίας.
ΕΓΕΝΟΝΤΟ ΠΑΡΑΣΤΑΣΕΙΣ ΕΙΣ ΤΗΝ ΑΓΚΥΡΑΝ ΔΙΑ ΤΟ ΕΠΕΙΣΟΔΙΟΝ ΤΟΥ ΚΑΣΤΕΛΛΟΡΙΖΟΥ
ΜΟΣΧΑ, 29. (Ἀσοσ. Πρές). — Ἡ ἐφημερὶς Σοβιετικὴ Ρωσία κατηγορεῖ τὸ Ἰσραὴλ ὅτι συμβάλλει εἰς τὸν ἐξοπλισμὸν τοῦ στρατοῦ τῆς Δυτικῆς Γερμανίας.
Η ΕΘΝΙΚΗ ΝΕΩΝ ΗΤΤΗΘΗ ΥΠΟ ΤΗΣ ΕΘΝΙΚΗΣ ΑΙΓΥΠΤΟΥ
Ο ΚΑΣΣΕΜ ΚΑΤΗΓΟΡΕΙ ΤΟΥΣ ΚΟΜΜΟΥΝΙΣΤΑΣ ΟΤΙ ΕΣΧΕΔΙΑΖΟΝ ΔΙΑ ΤΗΝ 14ΗΝ ΙΟΥΛΙΟΥ ΕΞΕΓΕΡΣΙΣ ΕΙΣ ΠΛΕΙΣΤΑΣ ΠΟΛΕΙΣ ΤΟΥ ΙΡΑΚ
ΒΗΡΥΤΟΣ, 29. (Ἀσοσ. Πρές). — Ὁ πρωθυπουργὸς τοῦ Ἰρὰκ στρατηγὸς Κασσὲμ κατηγόρησε τοὺς κομμουνιστὰς ὅτι ἐσχεδίαζον ἐξεγέρσεις εἰς πλείστας πόλεις τοῦ Ἰράκ.
ΒΗΡΥΤΟΣ, 29. (Ἀσοσ. Πρές). — Ὁ πρωθυπουργὸς τοῦ Ἰρὰκ στρατηγὸς Κασσὲμ κατηγόρησε τοὺς κομμουνιστὰς ὅτι ἐσχεδίαζον ἐξεγέρσεις εἰς πλείστας πόλεις τοῦ Ἰράκ.
ΑΠΑΓΟΡΕΥΕΤΑΙ Η ΣΤΟΛΗ
ΒΗΡΥΤΟΣ, 29. (Ἀσοσ. Πρές). — Ὁ πρωθυπουργὸς τοῦ Ἰρὰκ στρατηγὸς Κασσὲμ κατηγόρησε τοὺς κομμουνιστὰς ὅτι ἐσχεδίαζον ἐξεγέρσεις εἰς πλείστας πόλεις τοῦ Ἰράκ.
ΕΚΗΔΕΥΘΗ ΕΙΣ ΒΗΡΥΤΟΝ Ο ΔΟΛΟΦΟΝΗΘΕΙΣ ΣΥΝΕΡΓΑΤΗΣ ΤΟΥ ΚΑΜΙΛ ΣΑΜΟΥΝ ΕΝ ΜΕΣΩ ΕΚΔΗΛΩΣΕΩΝ ΚΑΤΑ ΤΟΥ ΖΟΥΜΠΛΑΤ
ΒΗΡΥΤΟΣ, 29. (Ἀσοσ. Πρές). — Μεγάλα πλήθη παρηκολούθησαν σήμερον τὴν κηδείαν τοῦ δολοφονηθέντος συνεργάτου τοῦ πρώην προέδρου τοῦ Λιβάνου κ. Καμὶλ Σαμοὺν.
ΒΗΡΥΤΟΣ, 29. (Ἀσοσ. Πρές). — Μεγάλα πλήθη παρηκολούθησαν σήμερον τὴν κηδείαν τοῦ δολοφονηθέντος συνεργάτου τοῦ πρώην προέδρου τοῦ Λιβάνου κ. Καμὶλ Σαμοὺν.
ΑΓΓΛΟΙ ΕΠΙΣΤΗΜΟΝΕΣ ΕΦΑΓΟΝ ΣΤΡΟΝΤΙΟΝ ΔΙΑ ΝΑ ΔΙΑΠΙΣΤΩΣΟΥΝ ΚΑΤΑ ΠΟΙΟΝ ΤΡΟΠΟΝ ΕΠΗΡΕΑΖΕΤΑΙ Τ' ΑΝΘΡΩΠΙΝΟΝ ΣΩΜΑ ΔΙ' ΑΥΤΟΥ
ΧΑΡΓΟΥΕΛ, 29. (Ρώυτερ). — Ἄγγλοι ἐπιστήμονες ἔφαγον ποσότητας στροντίου διὰ νὰ διαπιστώσουν τὸν τρόπον καθ' ὃν ἐπηρεάζεται ἐξ αὐτοῦ τὸ ἀνθρώπινον σῶμα.
ΧΑΡΓΟΥΕΛ, 29. (Ρώυτερ). — Ἄγγλοι ἐπιστήμονες ἔφαγον ποσότητας στροντίου διὰ νὰ διαπιστώσουν τὸν τρόπον καθ' ὃν ἐπηρεάζεται ἐξ αὐτοῦ τὸ ἀνθρώπινον σῶμα.
ΑΓΡΙΑ ΣΥΜΠΛΟΚΗ ΚΟΜΜΟΥΝΙΣΤΩΝ ΝΕΩΝ ΚΑΙ ΤΩΝ ΑΣΤΥΝΟΜΙΚΩΝ ΕΙΣ ΤΗΝ ΒΙΕΝΝΗΝ ΚΑΤΑ ΤΟ ΠΑΓΚΟΣΜΙΟΝ ΦΕΣΤΙΒΑΛ ΝΕΟΛΑΙΑΣ
ΒΙΕΝΝΗ, 29. (Ἀσοσ. Πρές). — Ἀγρία συμπλοκὴ ἐσημειώθη σήμερον μεταξὺ κομμουνιστῶν νέων καὶ ἀστυνομικῶν, κατὰ τὴν διάρκειαν τοῦ παγκοσμίου φεστιβὰλ νεολαίας.
ΒΙΕΝΝΗ, 29. (Ἀσοσ. Πρές). — Ἀγρία συμπλοκὴ ἐσημειώθη σήμερον μεταξὺ κομμουνιστῶν νέων καὶ ἀστυνομικῶν, κατὰ τὴν διάρκειαν τοῦ παγκοσμίου φεστιβὰλ νεολαίας.
